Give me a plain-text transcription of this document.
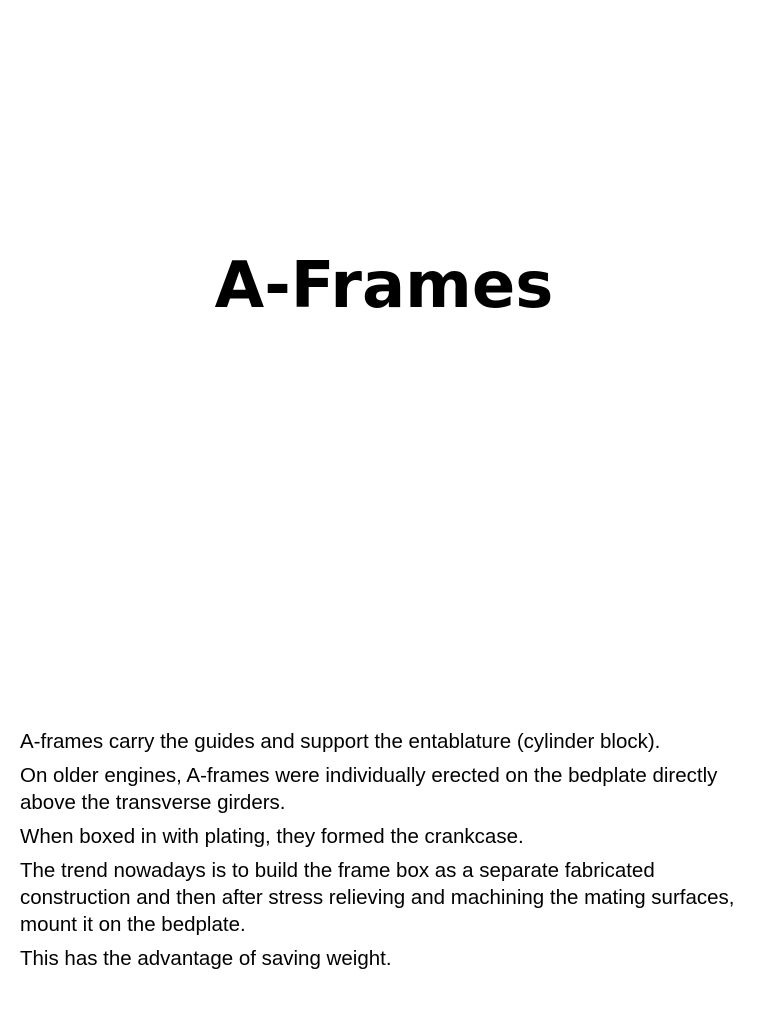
A-Frames
A-frames carry the guides and support the entablature (cylinder block).
On older engines, A-frames were individually erected on the bedplate directly above the transverse girders.
When boxed in with plating, they formed the crankcase.
The trend nowadays is to build the frame box as a separate fabricated construction and then after stress relieving and machining the mating surfaces, mount it on the bedplate.
This has the advantage of saving weight.
